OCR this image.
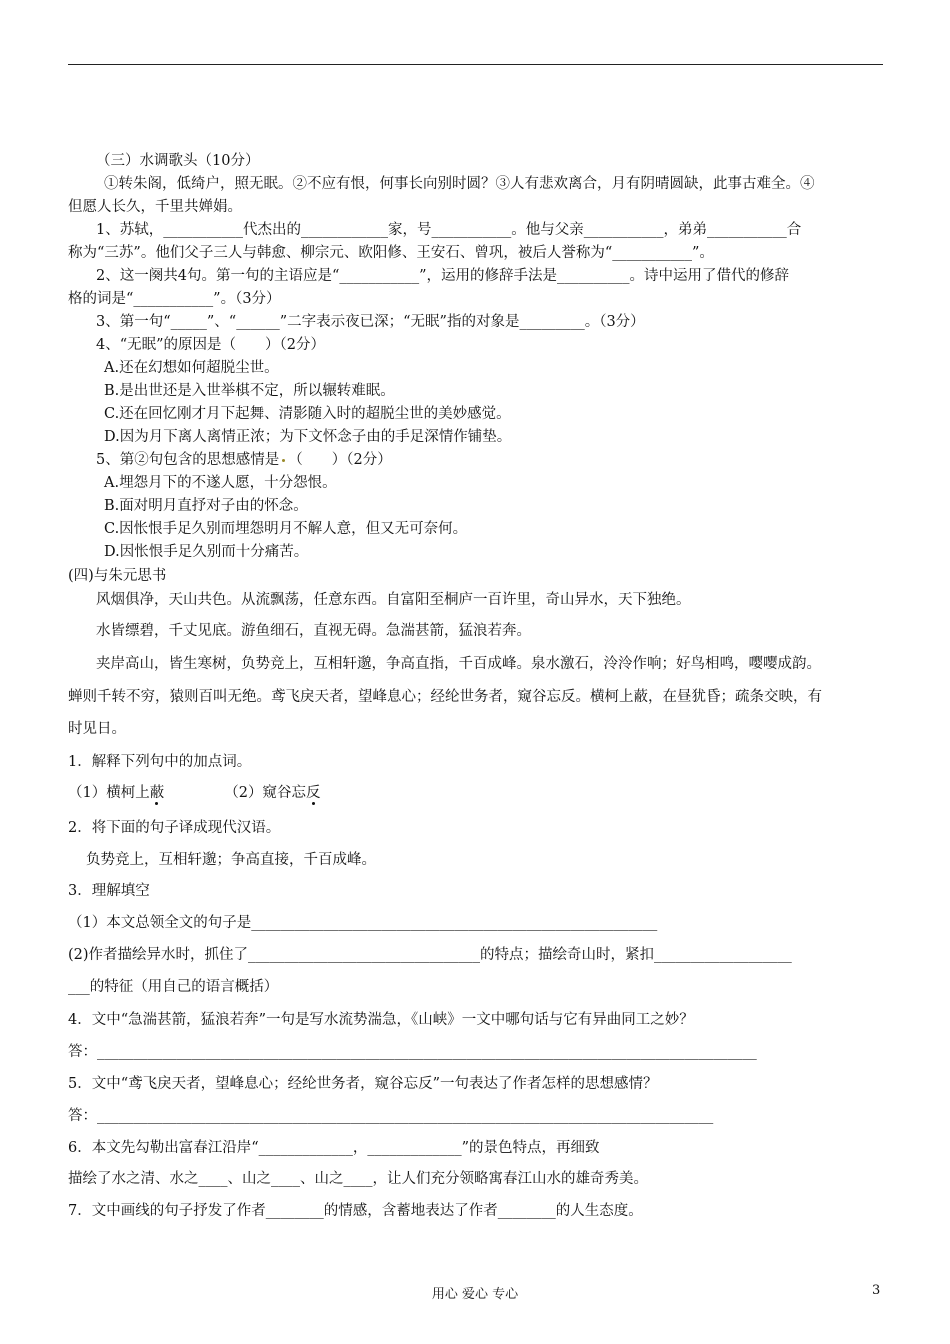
（三）水调歌头（10分）
①转朱阁，低绮户，照无眠。②不应有恨，何事长向别时圆？③人有悲欢离合，月有阴晴圆缺，此事古难全。④
但愿人长久，千里共婵娟。
1、苏轼，___________代杰出的____________家，号___________。他与父亲___________，弟弟___________合
称为“三苏”。他们父子三人与韩愈、柳宗元、欧阳修、王安石、曾巩，被后人誉称为“___________”。
2、这一阕共4句。第一句的主语应是“___________”，运用的修辞手法是__________。诗中运用了借代的修辞
格的词是“___________”。（3分）
3、第一句“_____”、“______”二字表示夜已深；“无眠”指的对象是_________。（3分）
4、“无眠”的原因是（　　）（2分）
A.还在幻想如何超脱尘世。
B.是出世还是入世举棋不定，所以辗转难眠。
C.还在回忆刚才月下起舞、清影随入时的超脱尘世的美妙感觉。
D.因为月下离人离情正浓；为下文怀念子由的手足深情作铺垫。
5、第②句包含的思想感情是 （　　）（2分）
A.埋怨月下的不遂人愿，十分怨恨。
B.面对明月直抒对子由的怀念。
C.因怅恨手足久别而埋怨明月不解人意，但又无可奈何。
D.因怅恨手足久别而十分痛苦。
(四)与朱元思书
风烟俱净，天山共色。从流飘荡，任意东西。自富阳至桐庐一百许里，奇山异水，天下独绝。
水皆缥碧，千丈见底。游鱼细石，直视无碍。急湍甚箭，猛浪若奔。
夹岸高山，皆生寒树，负势竞上，互相轩邈，争高直指，千百成峰。泉水激石，泠泠作响；好鸟相鸣，嘤嘤成韵。
蝉则千转不穷，猿则百叫无绝。鸢飞戾天者，望峰息心；经纶世务者，窥谷忘反。横柯上蔽，在昼犹昏；疏条交映，有
时见日。
1．解释下列句中的加点词。
（1）横柯上蔽	（2）窥谷忘反
2．将下面的句子译成现代汉语。
负势竞上，互相轩邈；争高直接，千百成峰。
3．理解填空
（1）本文总领全文的句子是________________________________________________________
(2)作者描绘异水时，抓住了________________________________的特点；描绘奇山时，紧扣___________________
___的特征（用自己的语言概括）
4．文中“急湍甚箭，猛浪若奔”一句是写水流势湍急，《山峡》一文中哪句话与它有异曲同工之妙？
答：___________________________________________________________________________________________
5．文中“鸢飞戾天者，望峰息心；经纶世务者，窥谷忘反”一句表达了作者怎样的思想感情？
答：_____________________________________________________________________________________
6．本文先勾勒出富春江沿岸“_____________，_____________”的景色特点，再细致
描绘了水之清、水之____、山之____、山之____，让人们充分领略寓春江山水的雄奇秀美。
7．文中画线的句子抒发了作者________的情感，含蓄地表达了作者________的人生态度。
用心 爱心 专心	3
